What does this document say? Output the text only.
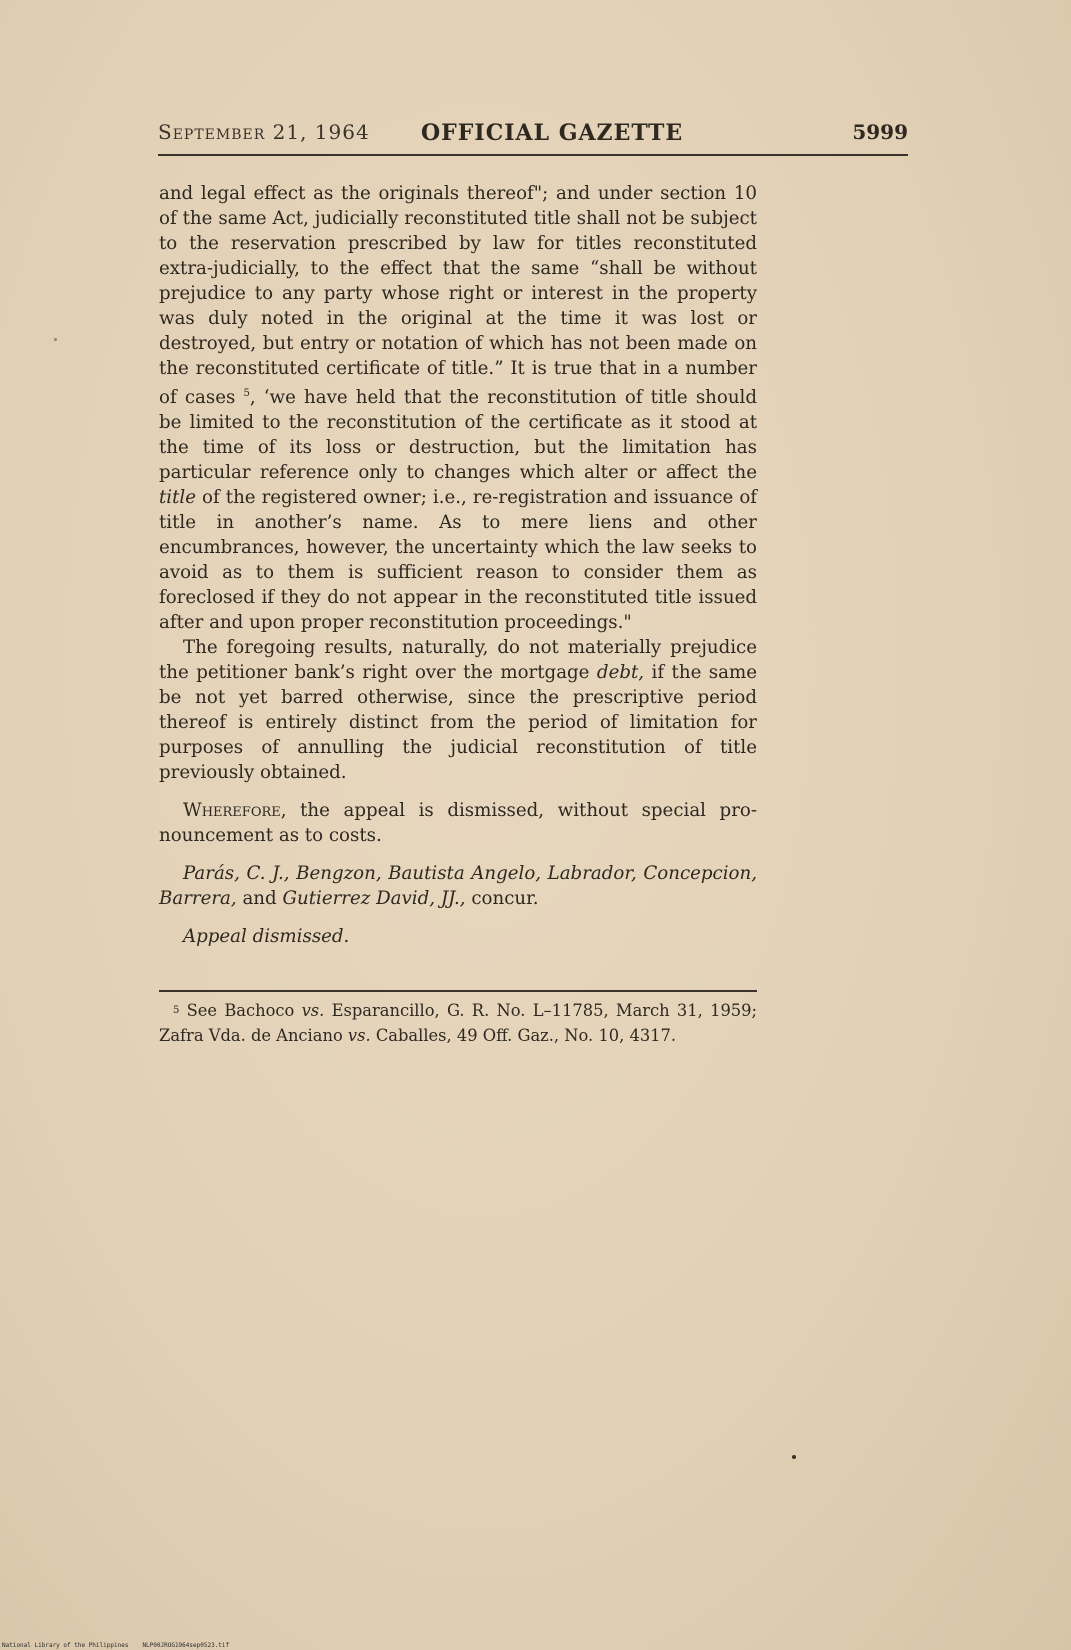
September 21, 1964 OFFICIAL GAZETTE	5999

and legal effect as the originals thereof"; and under section 10 of the same Act, judicially reconstituted title shall not be subject to the reservation prescribed by law for titles reconstituted extra-judicially, to the effect that the same “shall be without prejudice to any party whose right or interest in the property was duly noted in the original at the time it was lost or destroyed, but entry or notation of which has not been made on the reconstituted certificate of title.” It is true that in a number of cases $^5$, ‘we have held that the reconstitution of title should be limited to the reconstitution of the certificate as it stood at the time of its loss or destruction, but the limitation has particular reference only to changes which alter or affect the title of the registered owner; i.e., re-registration and issuance of title in another’s name. As to mere liens and other encumbrances, however, the uncertainty which the law seeks to avoid as to them is sufficient reason to consider them as foreclosed if they do not appear in the reconstituted title issued after and upon proper reconstitution proceedings."

The foregoing results, naturally, do not materially prejudice the petitioner bank’s right over the mortgage debt, if the same be not yet barred otherwise, since the prescriptive period thereof is entirely distinct from the period of limitation for purposes of annulling the judicial reconstitution of title previously obtained.

Wherefore, the appeal is dismissed, without special pronouncement as to costs.

Parás, C. J., Bengzon, Bautista Angelo, Labrador, Concepcion, Barrera, and Gutierrez David, JJ., concur.

Appeal dismissed.

$^5$ See Bachoco vs. Esparancillo, G. R. No. L–11785, March 31, 1959; Zafra Vda. de Anciano vs. Caballes, 49 Off. Gaz., No. 10, 4317.
National Library of the Philippines NLP00JROG1964sep0523.tif
